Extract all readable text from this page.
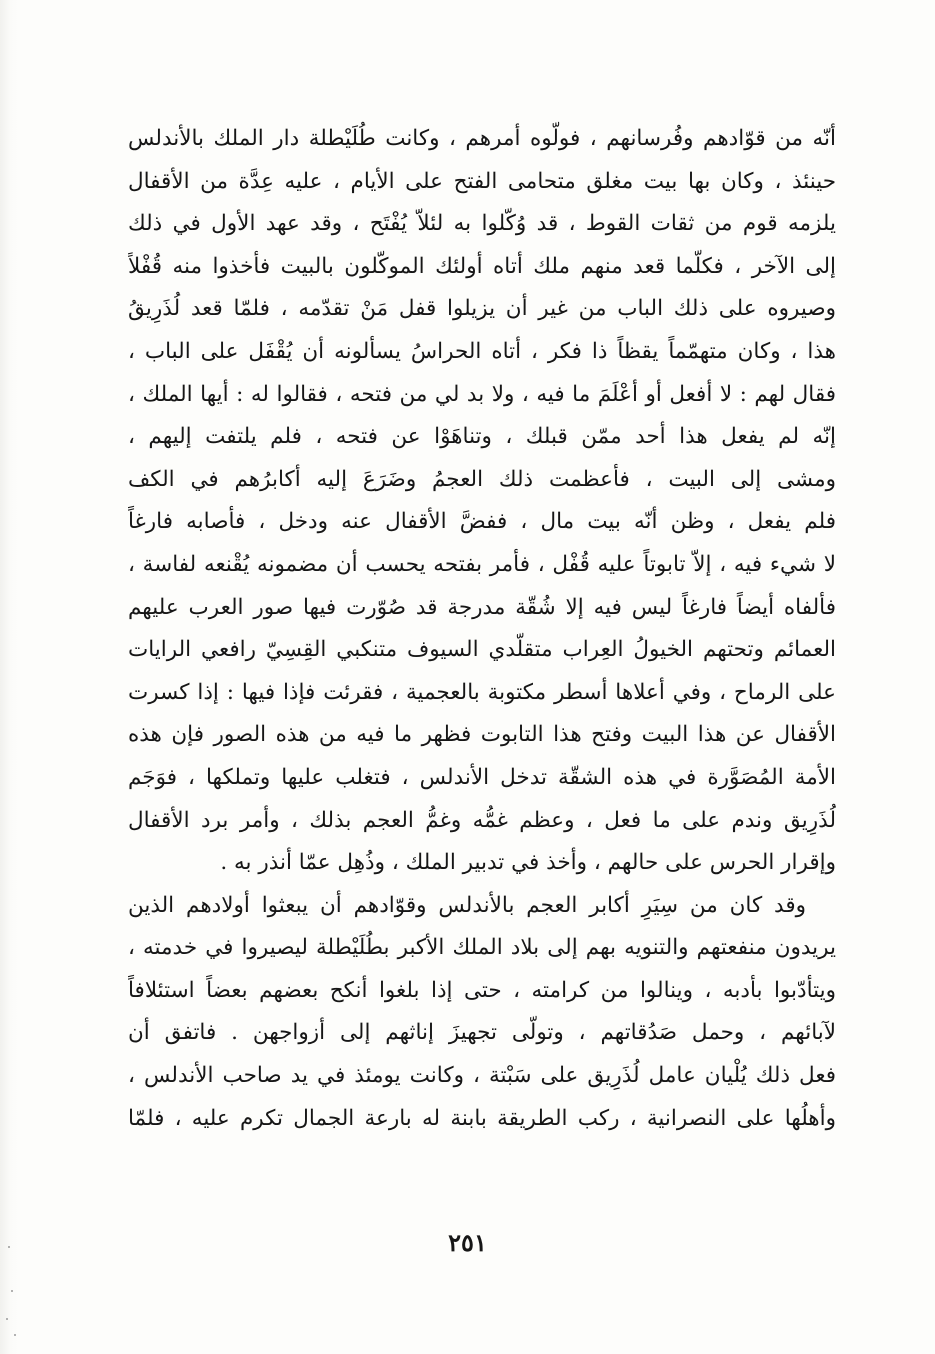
أنّه من قوّادهم وفُرسانهم ، فولّوه أمرهم ، وكانت طُلَيْطلة دار الملك بالأندلس
حينئذ ، وكان بها بيت مغلق متحامى الفتح على الأيام ، عليه عِدَّة من الأقفال
يلزمه قوم من ثقات القوط ، قد وُكّلوا به لئلاّ يُفْتَح ، وقد عهد الأول في ذلك
إلى الآخر ، فكلّما قعد منهم ملك أتاه أولئك الموكّلون بالبيت فأخذوا منه قُفْلاً
وصيروه على ذلك الباب من غير أن يزيلوا قفل مَنْ تقدّمه ، فلمّا قعد لُذَرِيقُ
هذا ، وكان متهمّماً يقظاً ذا فكر ، أتاه الحراسُ يسألونه أن يُقْفَل على الباب ،
فقال لهم : لا أفعل أو أعْلَمَ ما فيه ، ولا بد لي من فتحه ، فقالوا له : أيها الملك ،
إنّه لم يفعل هذا أحد ممّن قبلك ، وتناهَوْا عن فتحه ، فلم يلتفت إليهم ،
ومشى إلى البيت ، فأعظمت ذلك العجمُ وضَرَعَ إليه أكابرُهم في الكف
فلم يفعل ، وظن أنّه بيت مال ، ففضَّ الأقفال عنه ودخل ، فأصابه فارغاً
لا شيء فيه ، إلاّ تابوتاً عليه قُفْل ، فأمر بفتحه يحسب أن مضمونه يُقْنعه لفاسة ،
فألفاه أيضاً فارغاً ليس فيه إلا شُقّة مدرجة قد صُوّرت فيها صور العرب عليهم
العمائم وتحتهم الخيولُ العِراب متقلّدي السيوف متنكبي القِسِيّ رافعي الرايات
على الرماح ، وفي أعلاها أسطر مكتوبة بالعجمية ، فقرئت فإذا فيها : إذا كسرت
الأقفال عن هذا البيت وفتح هذا التابوت فظهر ما فيه من هذه الصور فإن هذه
الأمة المُصَوَّرة في هذه الشقّة تدخل الأندلس ، فتغلب عليها وتملكها ، فوَجَم
لُذَرِيق وندم على ما فعل ، وعظم غمُّه وغمُّ العجم بذلك ، وأمر برد الأقفال
وإقرار الحرس على حالهم ، وأخذ في تدبير الملك ، وذُهِل عمّا أنذر به .
وقد كان من سِيَرِ أكابر العجم بالأندلس وقوّادهم أن يبعثوا أولادهم الذين
يريدون منفعتهم والتنويه بهم إلى بلاد الملك الأكبر بطُلَيْطلة ليصيروا في خدمته ،
ويتأدّبوا بأدبه ، وينالوا من كرامته ، حتى إذا بلغوا أنكح بعضهم بعضاً استئلافاً
لآبائهم ، وحمل صَدُقاتهم ، وتولّى تجهيزَ إناثهم إلى أزواجهن . فاتفق أن
فعل ذلك يُلْيان عامل لُذَرِيق على سَبْتة ، وكانت يومئذ في يد صاحب الأندلس ،
وأهلُها على النصرانية ، ركب الطريقة بابنة له بارعة الجمال تكرم عليه ، فلمّا
٢٥١
